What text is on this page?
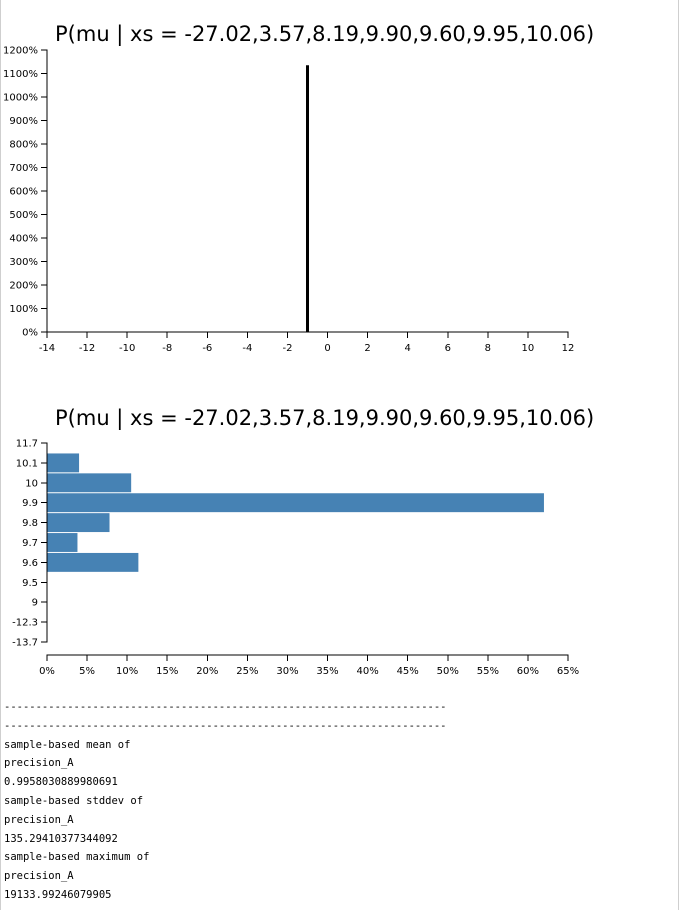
P(mu | xs = -27.02,3.57,8.19,9.90,9.60,9.95,10.06)
0%
100%
200%
300%
400%
500%
600%
700%
800%
900%
1000%
1100%
1200%
-14 -12 -10	-8	-6	-4	-2	0	2	4	6	8	10	12
P(mu | xs = -27.02,3.57,8.19,9.90,9.60,9.95,10.06)
11.7
10.1
10
9.9
9.8
9.7
9.6
9.5
9
-12.3
-13.7
0% 5% 10% 15% 20% 25% 30% 35% 40% 45% 50% 55% 60% 65%
----------------------------------------------------------------------
----------------------------------------------------------------------
sample-based mean of
precision_A
0.9958030889980691
sample-based stddev of
precision_A
135.29410377344092
sample-based maximum of
precision_A
19133.99246079905
